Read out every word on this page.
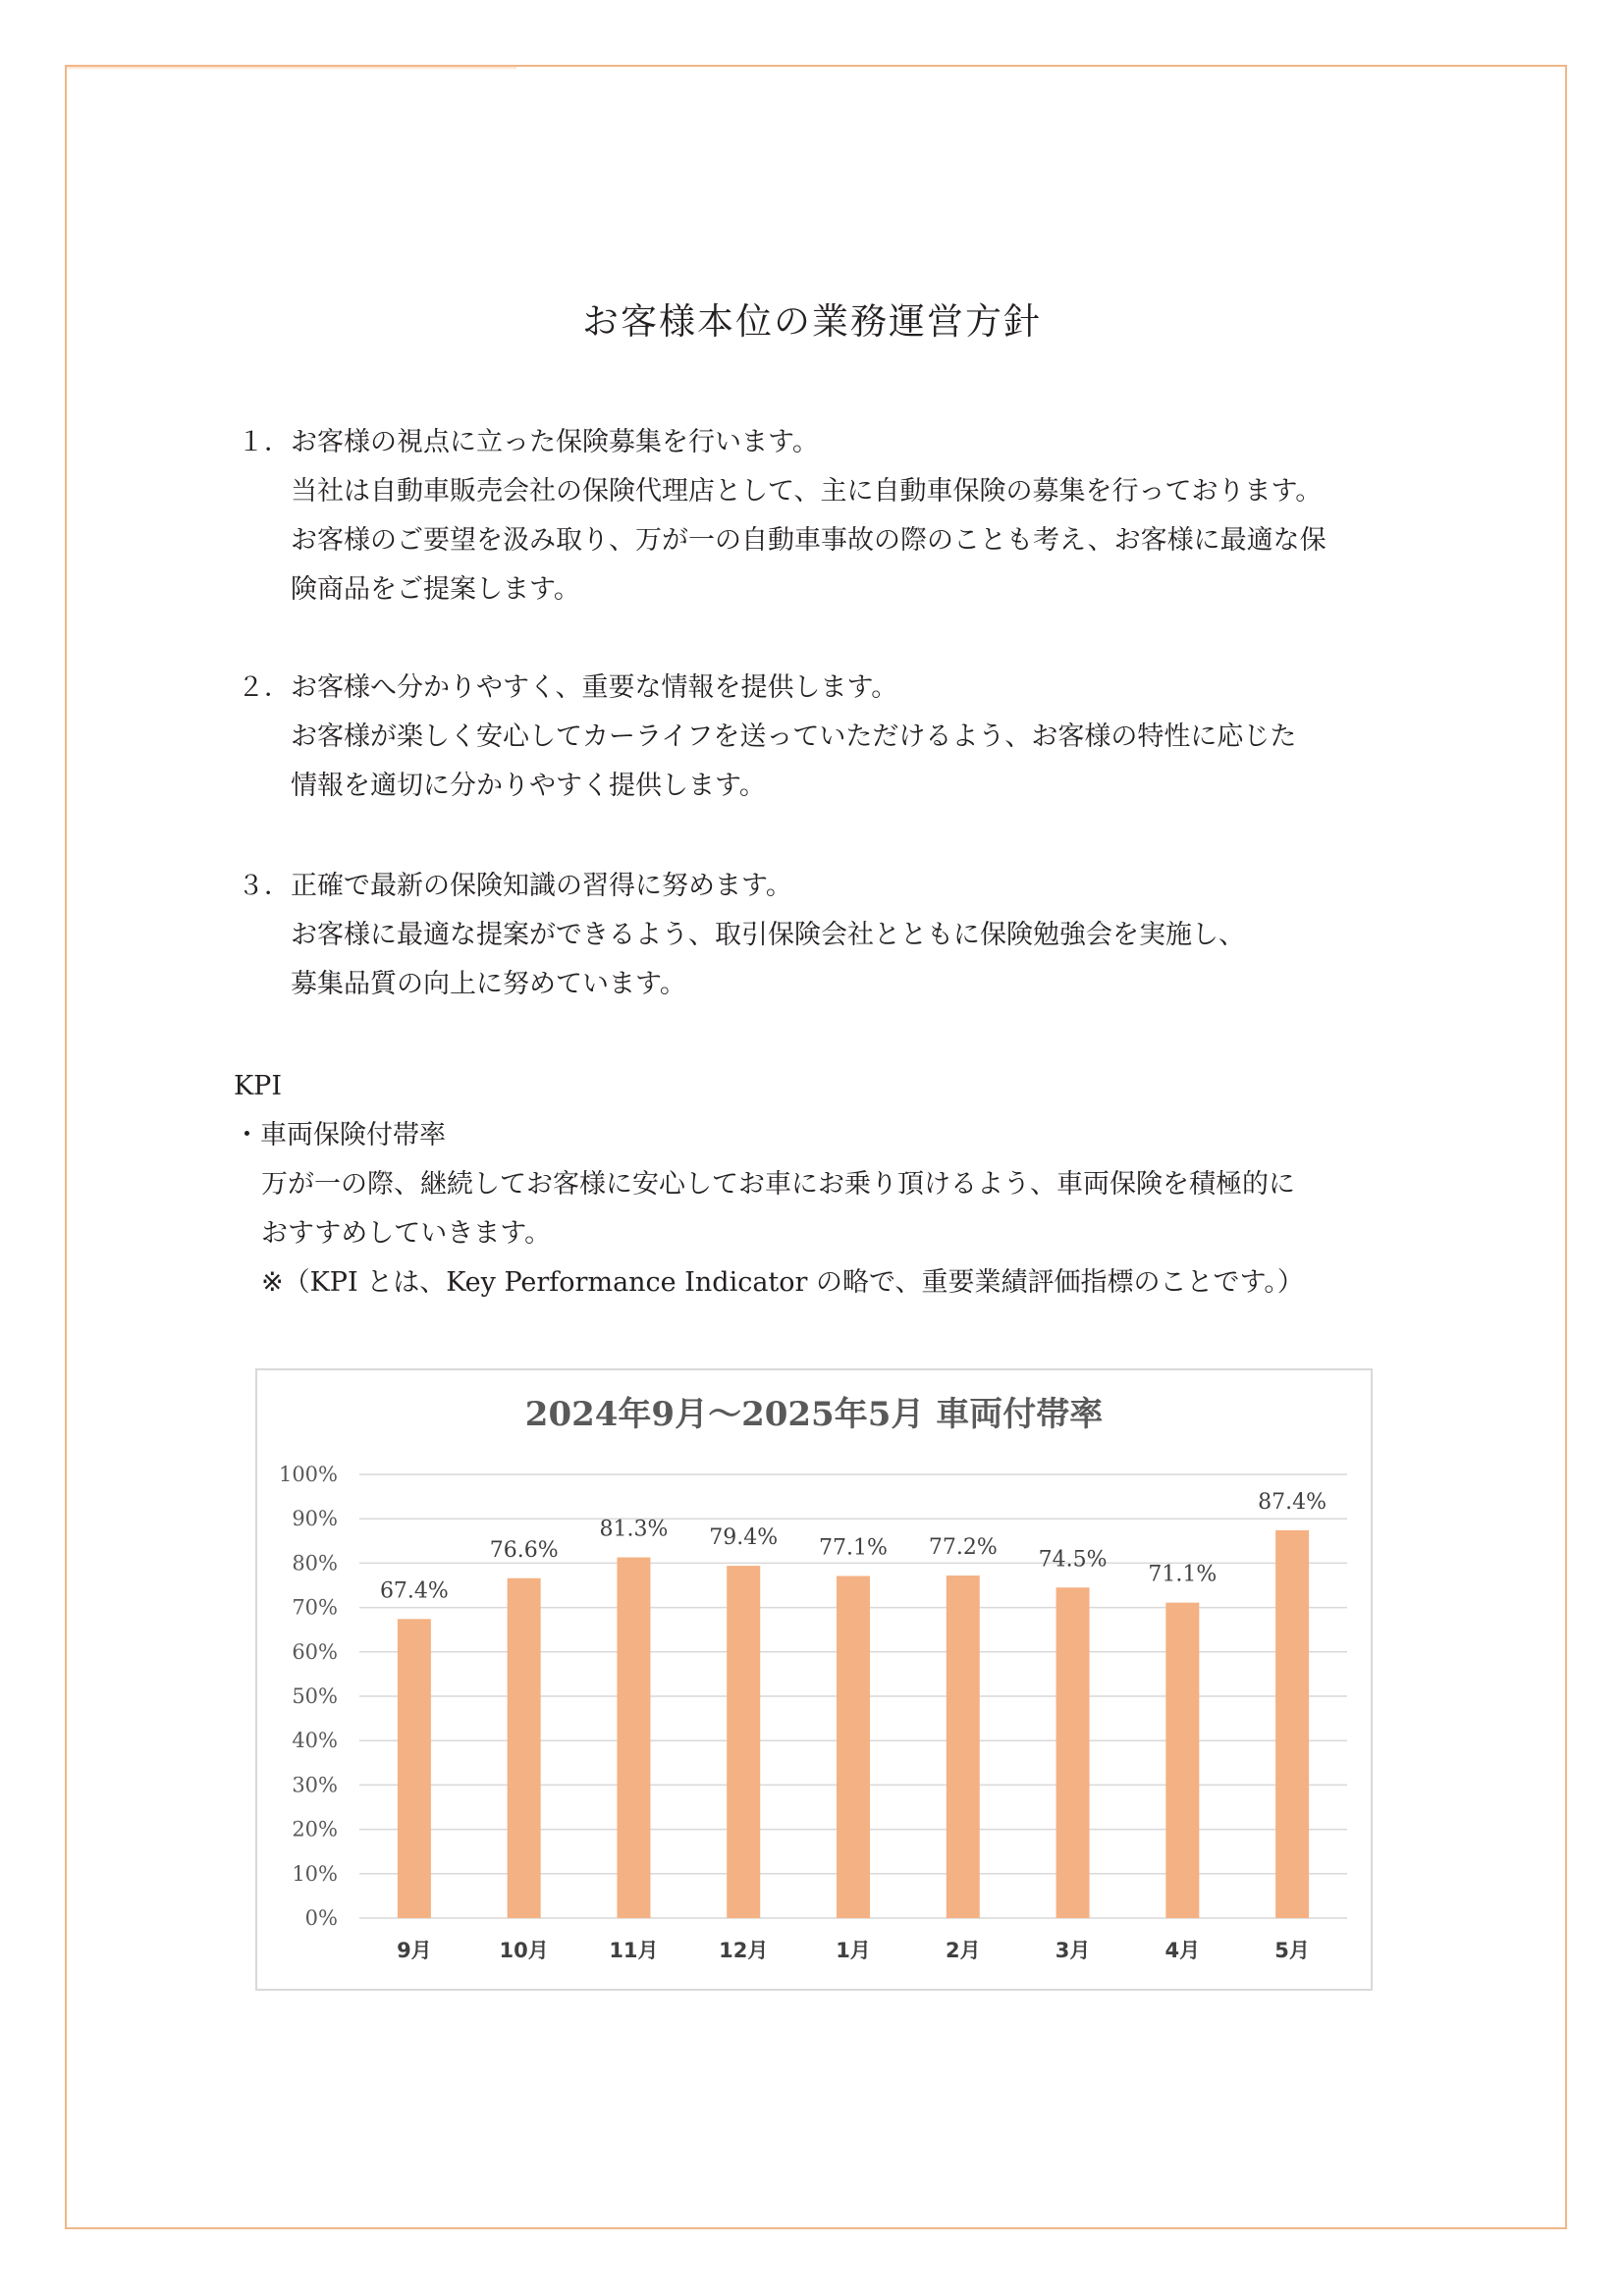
お客様本位の業務運営方針
１． お客様の視点に立った保険募集を行います。
当社は自動車販売会社の保険代理店として、主に自動車保険の募集を行っております。
お客様のご要望を汲み取り、万が一の自動車事故の際のことも考え、お客様に最適な保
険商品をご提案します。
２． お客様へ分かりやすく、重要な情報を提供します。
お客様が楽しく安心してカーライフを送っていただけるよう、お客様の特性に応じた
情報を適切に分かりやすく提供します。
３． 正確で最新の保険知識の習得に努めます。
お客様に最適な提案ができるよう、取引保険会社とともに保険勉強会を実施し、
募集品質の向上に努めています。
KPI
・車両保険付帯率
万が一の際、継続してお客様に安心してお車にお乗り頂けるよう、車両保険を積極的に
おすすめしていきます。
※（KPI とは、Key Performance Indicator の略で、重要業績評価指標のことです。）
2024年9月～2025年5月 車両付帯率
0%
10%
20%
30%
40%
50%
60%
70%
80%
90%
100%
67.4%
9月
76.6%
10月
81.3%
11月
79.4%
12月
77.1%
1月
77.2%
2月
74.5%
3月
71.1%
4月
87.4%
5月
